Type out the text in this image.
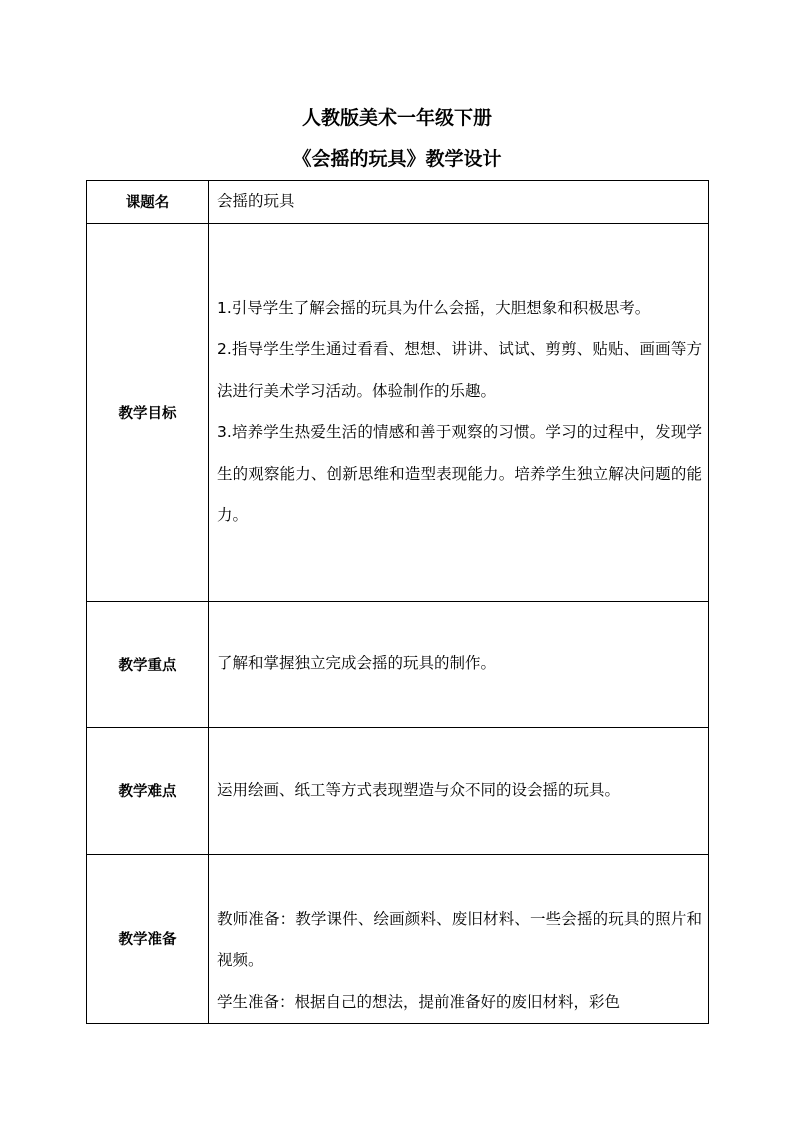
人教版美术一年级下册
《会摇的玩具》教学设计
课题名	会摇的玩具

教学目标	1.引导学生了解会摇的玩具为什么会摇，大胆想象和积极思考。

2.指导学生学生通过看看、想想、讲讲、试试、剪剪、贴贴、画画等方法进行美术学习活动。体验制作的乐趣。

3.培养学生热爱生活的情感和善于观察的习惯。学习的过程中，发现学生的观察能力、创新思维和造型表现能力。培养学生独立解决问题的能力。

教学重点	了解和掌握独立完成会摇的玩具的制作。

教学难点	运用绘画、纸工等方式表现塑造与众不同的设会摇的玩具。

教学准备	教师准备：教学课件、绘画颜料、废旧材料、一些会摇的玩具的照片和视频。

学生准备：根据自己的想法，提前准备好的废旧材料，彩色
